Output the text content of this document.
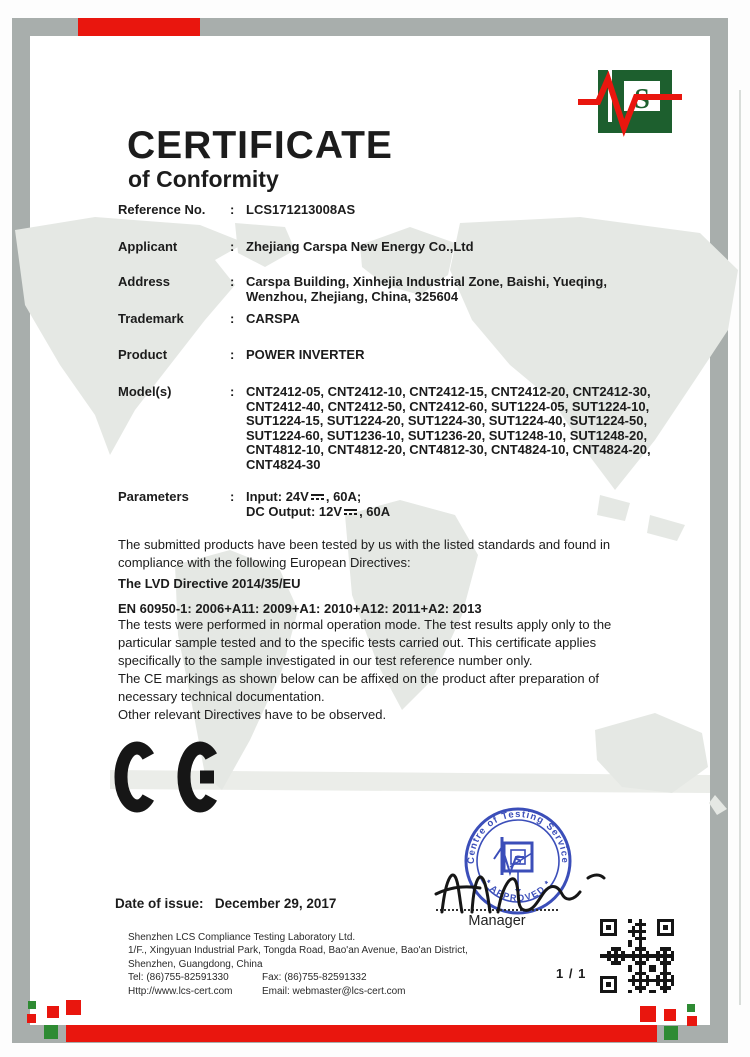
S
CERTIFICATE
of Conformity
Reference No.	: LCS171213008AS
Applicant	: Zhejiang Carspa New Energy Co.,Ltd
Address	: Carspa Building, Xinhejia Industrial Zone, Baishi, Yueqing,
Wenzhou, Zhejiang, China, 325604
Trademark	: CARSPA
Product	: POWER INVERTER
Model(s)	: CNT2412-05, CNT2412-10, CNT2412-15, CNT2412-20, CNT2412-30,
CNT2412-40, CNT2412-50, CNT2412-60, SUT1224-05, SUT1224-10,
SUT1224-15, SUT1224-20, SUT1224-30, SUT1224-40, SUT1224-50,
SUT1224-60, SUT1236-10, SUT1236-20, SUT1248-10, SUT1248-20,
CNT4812-10, CNT4812-20, CNT4812-30, CNT4824-10, CNT4824-20,
CNT4824-30
Parameters	: Input: 24V , 60A;
DC Output: 12V , 60A
The submitted products have been tested by us with the listed standards and found in compliance with the following European Directives:
The LVD Directive 2014/35/EU
EN 60950-1: 2006+A11: 2009+A1: 2010+A12: 2011+A2: 2013
The tests were performed in normal operation mode. The test results apply only to the particular sample tested and to the specific tests carried out. This certificate applies specifically to the sample investigated in our test reference number only.
The CE markings as shown below can be affixed on the product after preparation of necessary technical documentation.
Other relevant Directives have to be observed.
Date of issue: December 29, 2017
1 / 1
Shenzhen LCS Compliance Testing Laboratory Ltd.
1/F., Xingyuan Industrial Park, Tongda Road, Bao'an Avenue, Bao'an District,
Shenzhen, Guangdong, China
Tel: (86)755-82591330	Fax: (86)755-82591332
Http://www.lcs-cert.com	Email: webmaster@lcs-cert.com
Centre of Testing Service
* APPROVED *
S
Manager
